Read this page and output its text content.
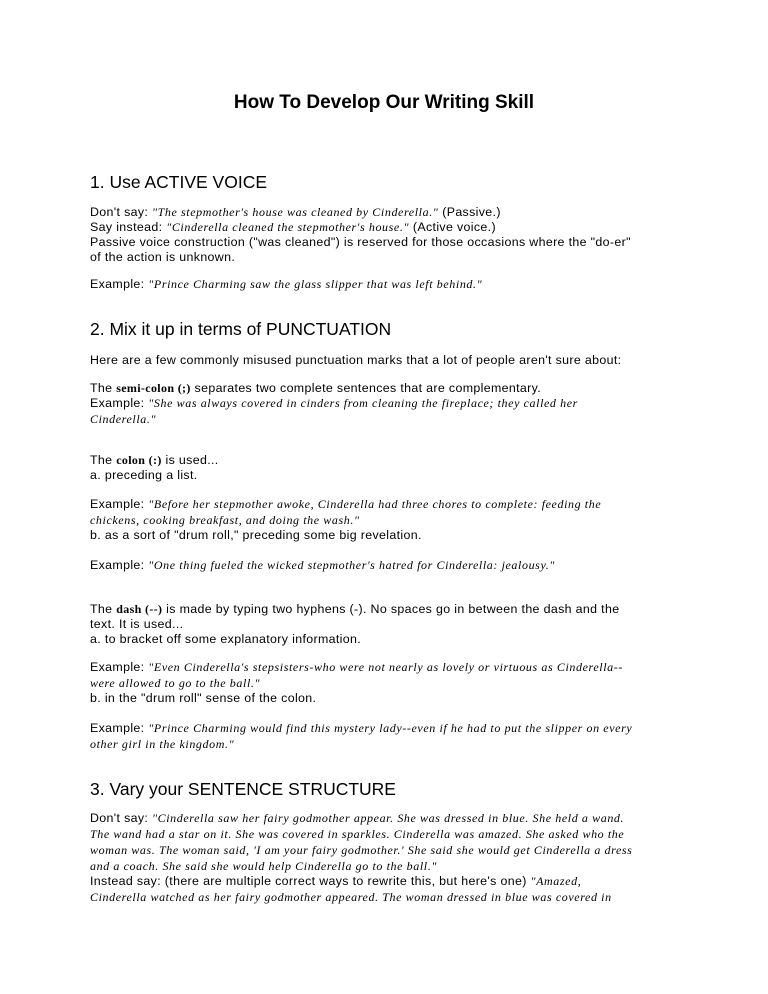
How To Develop Our Writing Skill
1. Use ACTIVE VOICE

Don't say: "The stepmother's house was cleaned by Cinderella." (Passive.)

Say instead: "Cinderella cleaned the stepmother's house." (Active voice.)

Passive voice construction ("was cleaned") is reserved for those occasions where the "do-er"

of the action is unknown.

Example: "Prince Charming saw the glass slipper that was left behind."

2. Mix it up in terms of PUNCTUATION

Here are a few commonly misused punctuation marks that a lot of people aren't sure about:

The semi-colon (;) separates two complete sentences that are complementary.

Example: "She was always covered in cinders from cleaning the fireplace; they called her

Cinderella."

The colon (:) is used...

a. preceding a list.

Example: "Before her stepmother awoke, Cinderella had three chores to complete: feeding the

chickens, cooking breakfast, and doing the wash."

b. as a sort of "drum roll," preceding some big revelation.

Example: "One thing fueled the wicked stepmother's hatred for Cinderella: jealousy."

The dash (--) is made by typing two hyphens (-). No spaces go in between the dash and the

text. It is used...

a. to bracket off some explanatory information.

Example: "Even Cinderella's stepsisters-who were not nearly as lovely or virtuous as Cinderella--

were allowed to go to the ball."

b. in the "drum roll" sense of the colon.

Example: "Prince Charming would find this mystery lady--even if he had to put the slipper on every

other girl in the kingdom."

3. Vary your SENTENCE STRUCTURE

Don't say: "Cinderella saw her fairy godmother appear. She was dressed in blue. She held a wand.

The wand had a star on it. She was covered in sparkles. Cinderella was amazed. She asked who the

woman was. The woman said, 'I am your fairy godmother.' She said she would get Cinderella a dress

and a coach. She said she would help Cinderella go to the ball."

Instead say: (there are multiple correct ways to rewrite this, but here's one) "Amazed,

Cinderella watched as her fairy godmother appeared. The woman dressed in blue was covered in
